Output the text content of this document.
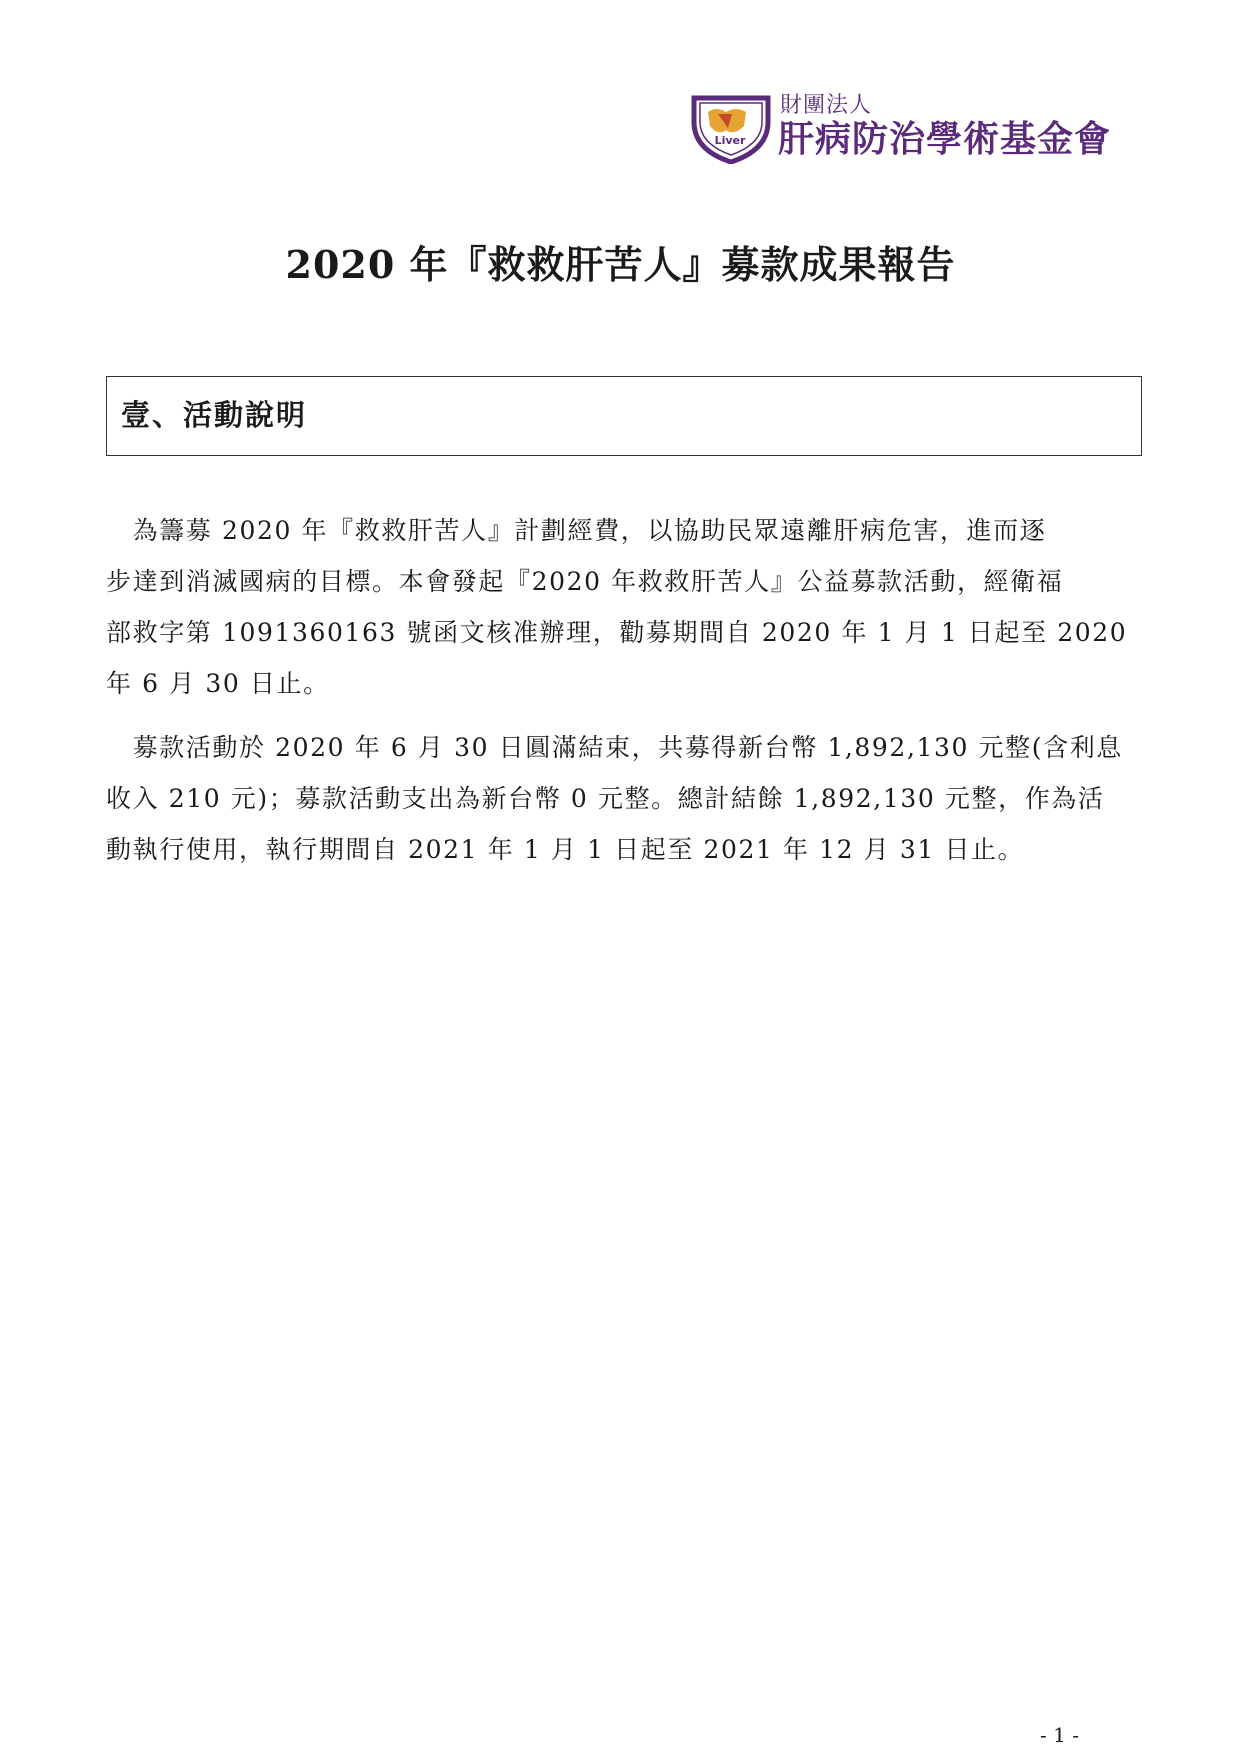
Liver
財團法人
肝病防治學術基金會
2020 年『救救肝苦人』募款成果報告
壹、活動說明
　為籌募 2020 年『救救肝苦人』計劃經費，以協助民眾遠離肝病危害，進而逐
步達到消滅國病的目標。本會發起『2020 年救救肝苦人』公益募款活動，經衛福
部救字第 1091360163 號函文核准辦理，勸募期間自 2020 年 1 月 1 日起至 2020
年 6 月 30 日止。
　募款活動於 2020 年 6 月 30 日圓滿結束，共募得新台幣 1,892,130 元整(含利息
收入 210 元)；募款活動支出為新台幣 0 元整。總計結餘 1,892,130 元整，作為活
動執行使用，執行期間自 2021 年 1 月 1 日起至 2021 年 12 月 31 日止。
- 1 -
